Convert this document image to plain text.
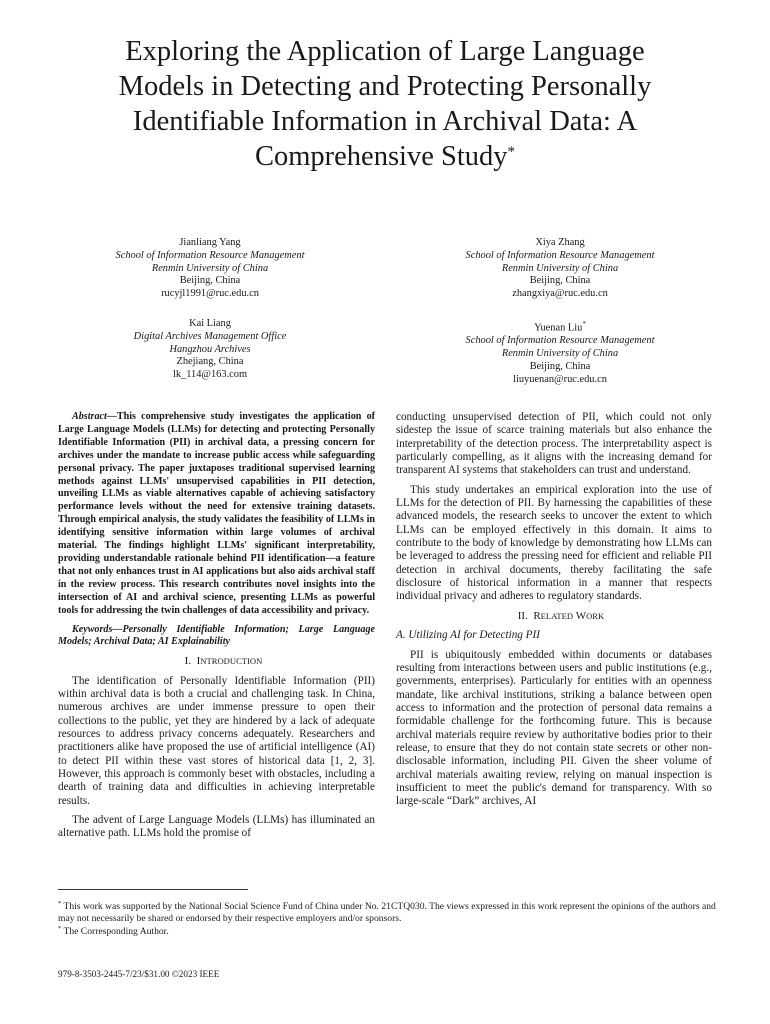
Exploring the Application of Large Language
Models in Detecting and Protecting Personally
Identifiable Information in Archival Data: A
Comprehensive Study*
Jianliang Yang
School of Information Resource Management
Renmin University of China
Beijing, China
rucyjl1991@ruc.edu.cn
Xiya Zhang
School of Information Resource Management
Renmin University of China
Beijing, China
zhangxiya@ruc.edu.cn
Kai Liang
Digital Archives Management Office
Hangzhou Archives
Zhejiang, China
lk_114@163.com
Yuenan Liu*
School of Information Resource Management
Renmin University of China
Beijing, China
liuyuenan@ruc.edu.cn

Abstract—This comprehensive study investigates the application of Large Language Models (LLMs) for detecting and protecting Personally Identifiable Information (PII) in archival data, a pressing concern for archives under the mandate to increase public access while safeguarding personal privacy. The paper juxtaposes traditional supervised learning methods against LLMs' unsupervised capabilities in PII detection, unveiling LLMs as viable alternatives capable of achieving satisfactory performance levels without the need for extensive training datasets. Through empirical analysis, the study validates the feasibility of LLMs in identifying sensitive information within large volumes of archival material. The findings highlight LLMs' significant interpretability, providing understandable rationale behind PII identification—a feature that not only enhances trust in AI applications but also aids archival staff in the review process. This research contributes novel insights into the intersection of AI and archival science, presenting LLMs as powerful tools for addressing the twin challenges of data accessibility and privacy.

Keywords—Personally Identifiable Information; Large Language Models; Archival Data; AI Explainability

I. INTRODUCTION

The identification of Personally Identifiable Information (PII) within archival data is both a crucial and challenging task. In China, numerous archives are under immense pressure to open their collections to the public, yet they are hindered by a lack of adequate resources to address privacy concerns adequately. Researchers and practitioners alike have proposed the use of artificial intelligence (AI) to detect PII within these vast stores of historical data [1, 2, 3]. However, this approach is commonly beset with obstacles, including a dearth of training data and difficulties in achieving interpretable results.

The advent of Large Language Models (LLMs) has illuminated an alternative path. LLMs hold the promise of

conducting unsupervised detection of PII, which could not only sidestep the issue of scarce training materials but also enhance the interpretability of the detection process. The interpretability aspect is particularly compelling, as it aligns with the increasing demand for transparent AI systems that stakeholders can trust and understand.

This study undertakes an empirical exploration into the use of LLMs for the detection of PII. By harnessing the capabilities of these advanced models, the research seeks to uncover the extent to which LLMs can be employed effectively in this domain. It aims to contribute to the body of knowledge by demonstrating how LLMs can be leveraged to address the pressing need for efficient and reliable PII detection in archival documents, thereby facilitating the safe disclosure of historical information in a manner that respects individual privacy and adheres to regulatory standards.

II. RELATED WORK

A. Utilizing AI for Detecting PII

PII is ubiquitously embedded within documents or databases resulting from interactions between users and public institutions (e.g., governments, enterprises). Particularly for entities with an openness mandate, like archival institutions, striking a balance between open access to information and the protection of personal data remains a formidable challenge for the forthcoming future. This is because archival materials require review by authoritative bodies prior to their release, to ensure that they do not contain state secrets or other non-disclosable information, including PII. Given the sheer volume of archival materials awaiting review, relying on manual inspection is insufficient to meet the public's demand for transparency. With so large-scale “Dark” archives, AI

* This work was supported by the National Social Science Fund of China under No. 21CTQ030. The views expressed in this work represent the opinions of the authors and may not necessarily be shared or endorsed by their respective employers and/or sponsors.
* The Corresponding Author.
979-8-3503-2445-7/23/$31.00 ©2023 IEEE
